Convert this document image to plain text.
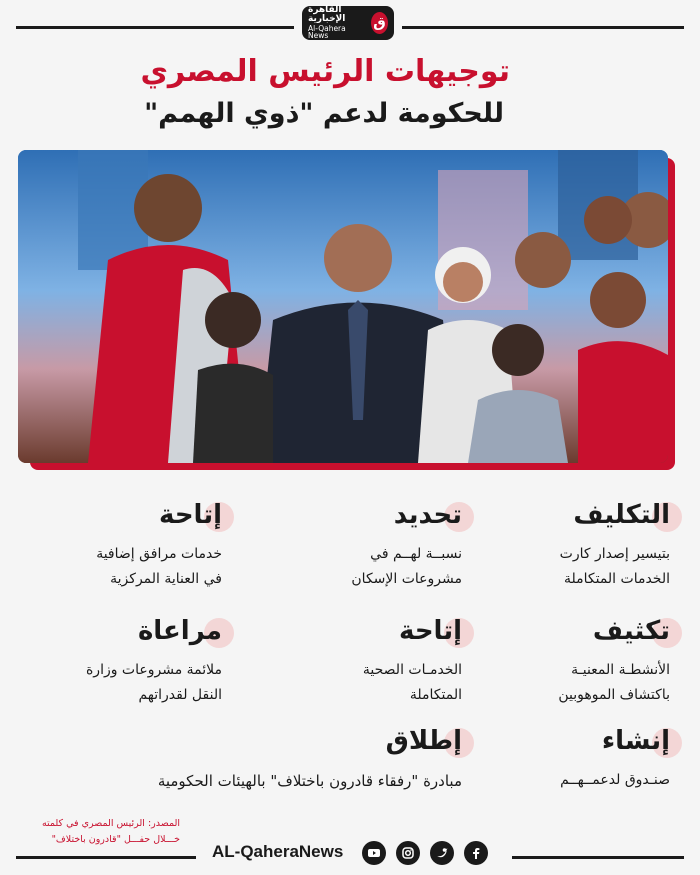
القاهرة الإخبارية
Al-Qahera News
ق
توجيهات الرئيس المصري
للحكومة لدعم "ذوي الهمم"
التكليف
بتيسير إصدار كارت
الخدمات المتكاملة
تحديد
نسبــة لهــم في
مشروعات الإسكان
إتاحة
خدمات مرافق إضافية
في العناية المركزية
تكثيف
الأنشطـة المعنيـة
باكتشاف الموهوبين
إتاحة
الخدمـات الصحية
المتكاملة
مراعاة
ملائمة مشروعات وزارة
النقل لقدراتهم
إنشاء
صنـدوق لدعمــهــم
إطلاق
مبادرة "رفقاء قادرون باختلاف" بالهيئات الحكومية
المصدر: الرئيس المصري في كلمته
خـــلال حفـــل "قادرون باختلاف"
AL-QaheraNews
